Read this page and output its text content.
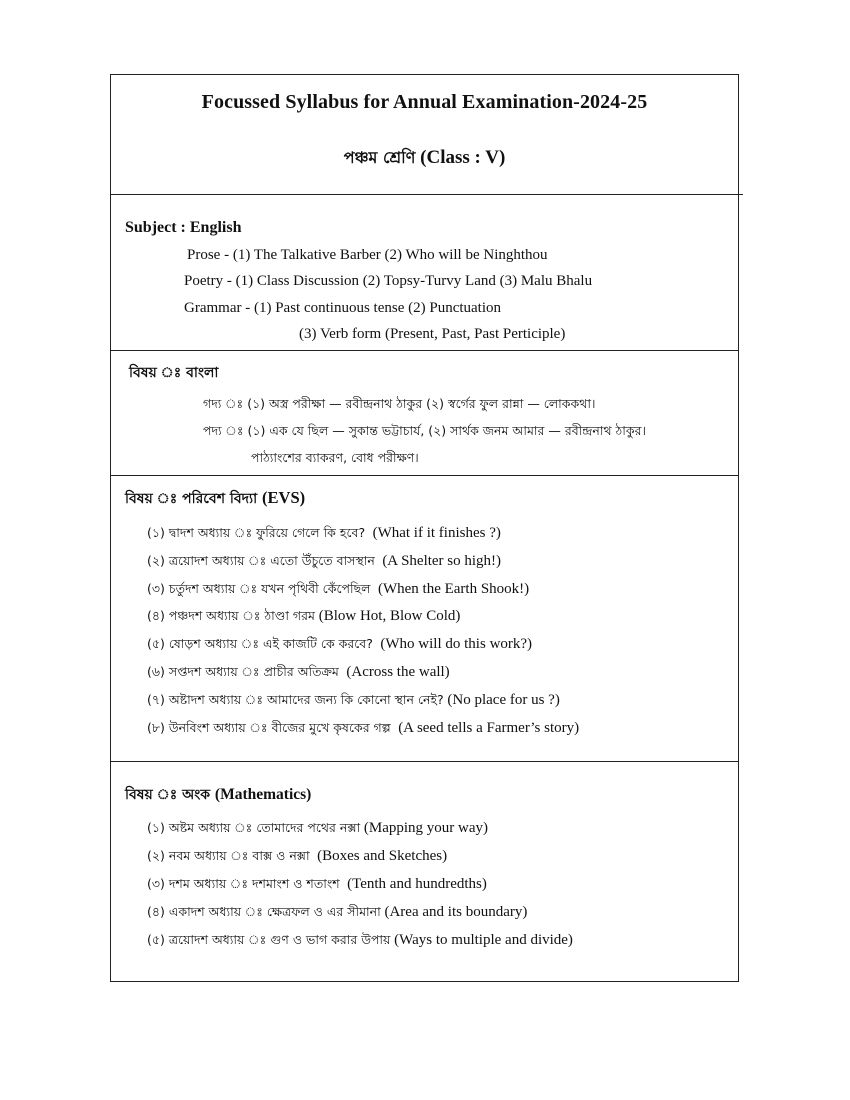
Focussed Syllabus for Annual Examination-2024-25
পঞ্চম শ্রেণি (Class : V)
Subject : English
Prose - (1) The Talkative Barber (2) Who will be Ninghthou
Poetry - (1) Class Discussion (2) Topsy-Turvy Land (3) Malu Bhalu
Grammar - (1) Past continuous tense (2) Punctuation
(3) Verb form (Present, Past, Past Perticiple)
বিষয় ঃ বাংলা
গদ্য ঃ (১) অস্ত্র পরীক্ষা — রবীন্দ্রনাথ ঠাকুর (২) স্বর্গের ফুল রান্না — লোককথা।
পদ্য ঃ (১) এক যে ছিল — সুকান্ত ভট্টাচার্য, (২) সার্থক জনম আমার — রবীন্দ্রনাথ ঠাকুর।
পাঠ্যাংশের ব্যাকরণ, বোধ পরীক্ষণ।
বিষয় ঃ পরিবেশ বিদ্যা (EVS)
(১) দ্বাদশ অধ্যায় ঃ ফুরিয়ে গেলে কি হবে? (What if it finishes ?)
(২) ত্রয়োদশ অধ্যায় ঃ এতো উঁচুতে বাসস্থান (A Shelter so high!)
(৩) চর্তুদশ অধ্যায় ঃ যখন পৃথিবী কেঁপেছিল (When the Earth Shook!)
(৪) পঞ্চদশ অধ্যায় ঃ ঠাণ্ডা গরম (Blow Hot, Blow Cold)
(৫) ষোড়শ অধ্যায় ঃ এই কাজটি কে করবে? (Who will do this work?)
(৬) সপ্তদশ অধ্যায় ঃ প্রাচীর অতিক্রম (Across the wall)
(৭) অষ্টাদশ অধ্যায় ঃ আমাদের জন্য কি কোনো স্থান নেই? (No place for us ?)
(৮) উনবিংশ অধ্যায় ঃ বীজের মুখে কৃষকের গল্প (A seed tells a Farmer’s story)
বিষয় ঃ অংক (Mathematics)
(১) অষ্টম অধ্যায় ঃ তোমাদের পথের নক্সা (Mapping your way)
(২) নবম অধ্যায় ঃ বাক্স ও নক্সা (Boxes and Sketches)
(৩) দশম অধ্যায় ঃ দশমাংশ ও শতাংশ (Tenth and hundredths)
(৪) একাদশ অধ্যায় ঃ ক্ষেত্রফল ও এর সীমানা (Area and its boundary)
(৫) ত্রয়োদশ অধ্যায় ঃ গুণ ও ভাগ করার উপায় (Ways to multiple and divide)
